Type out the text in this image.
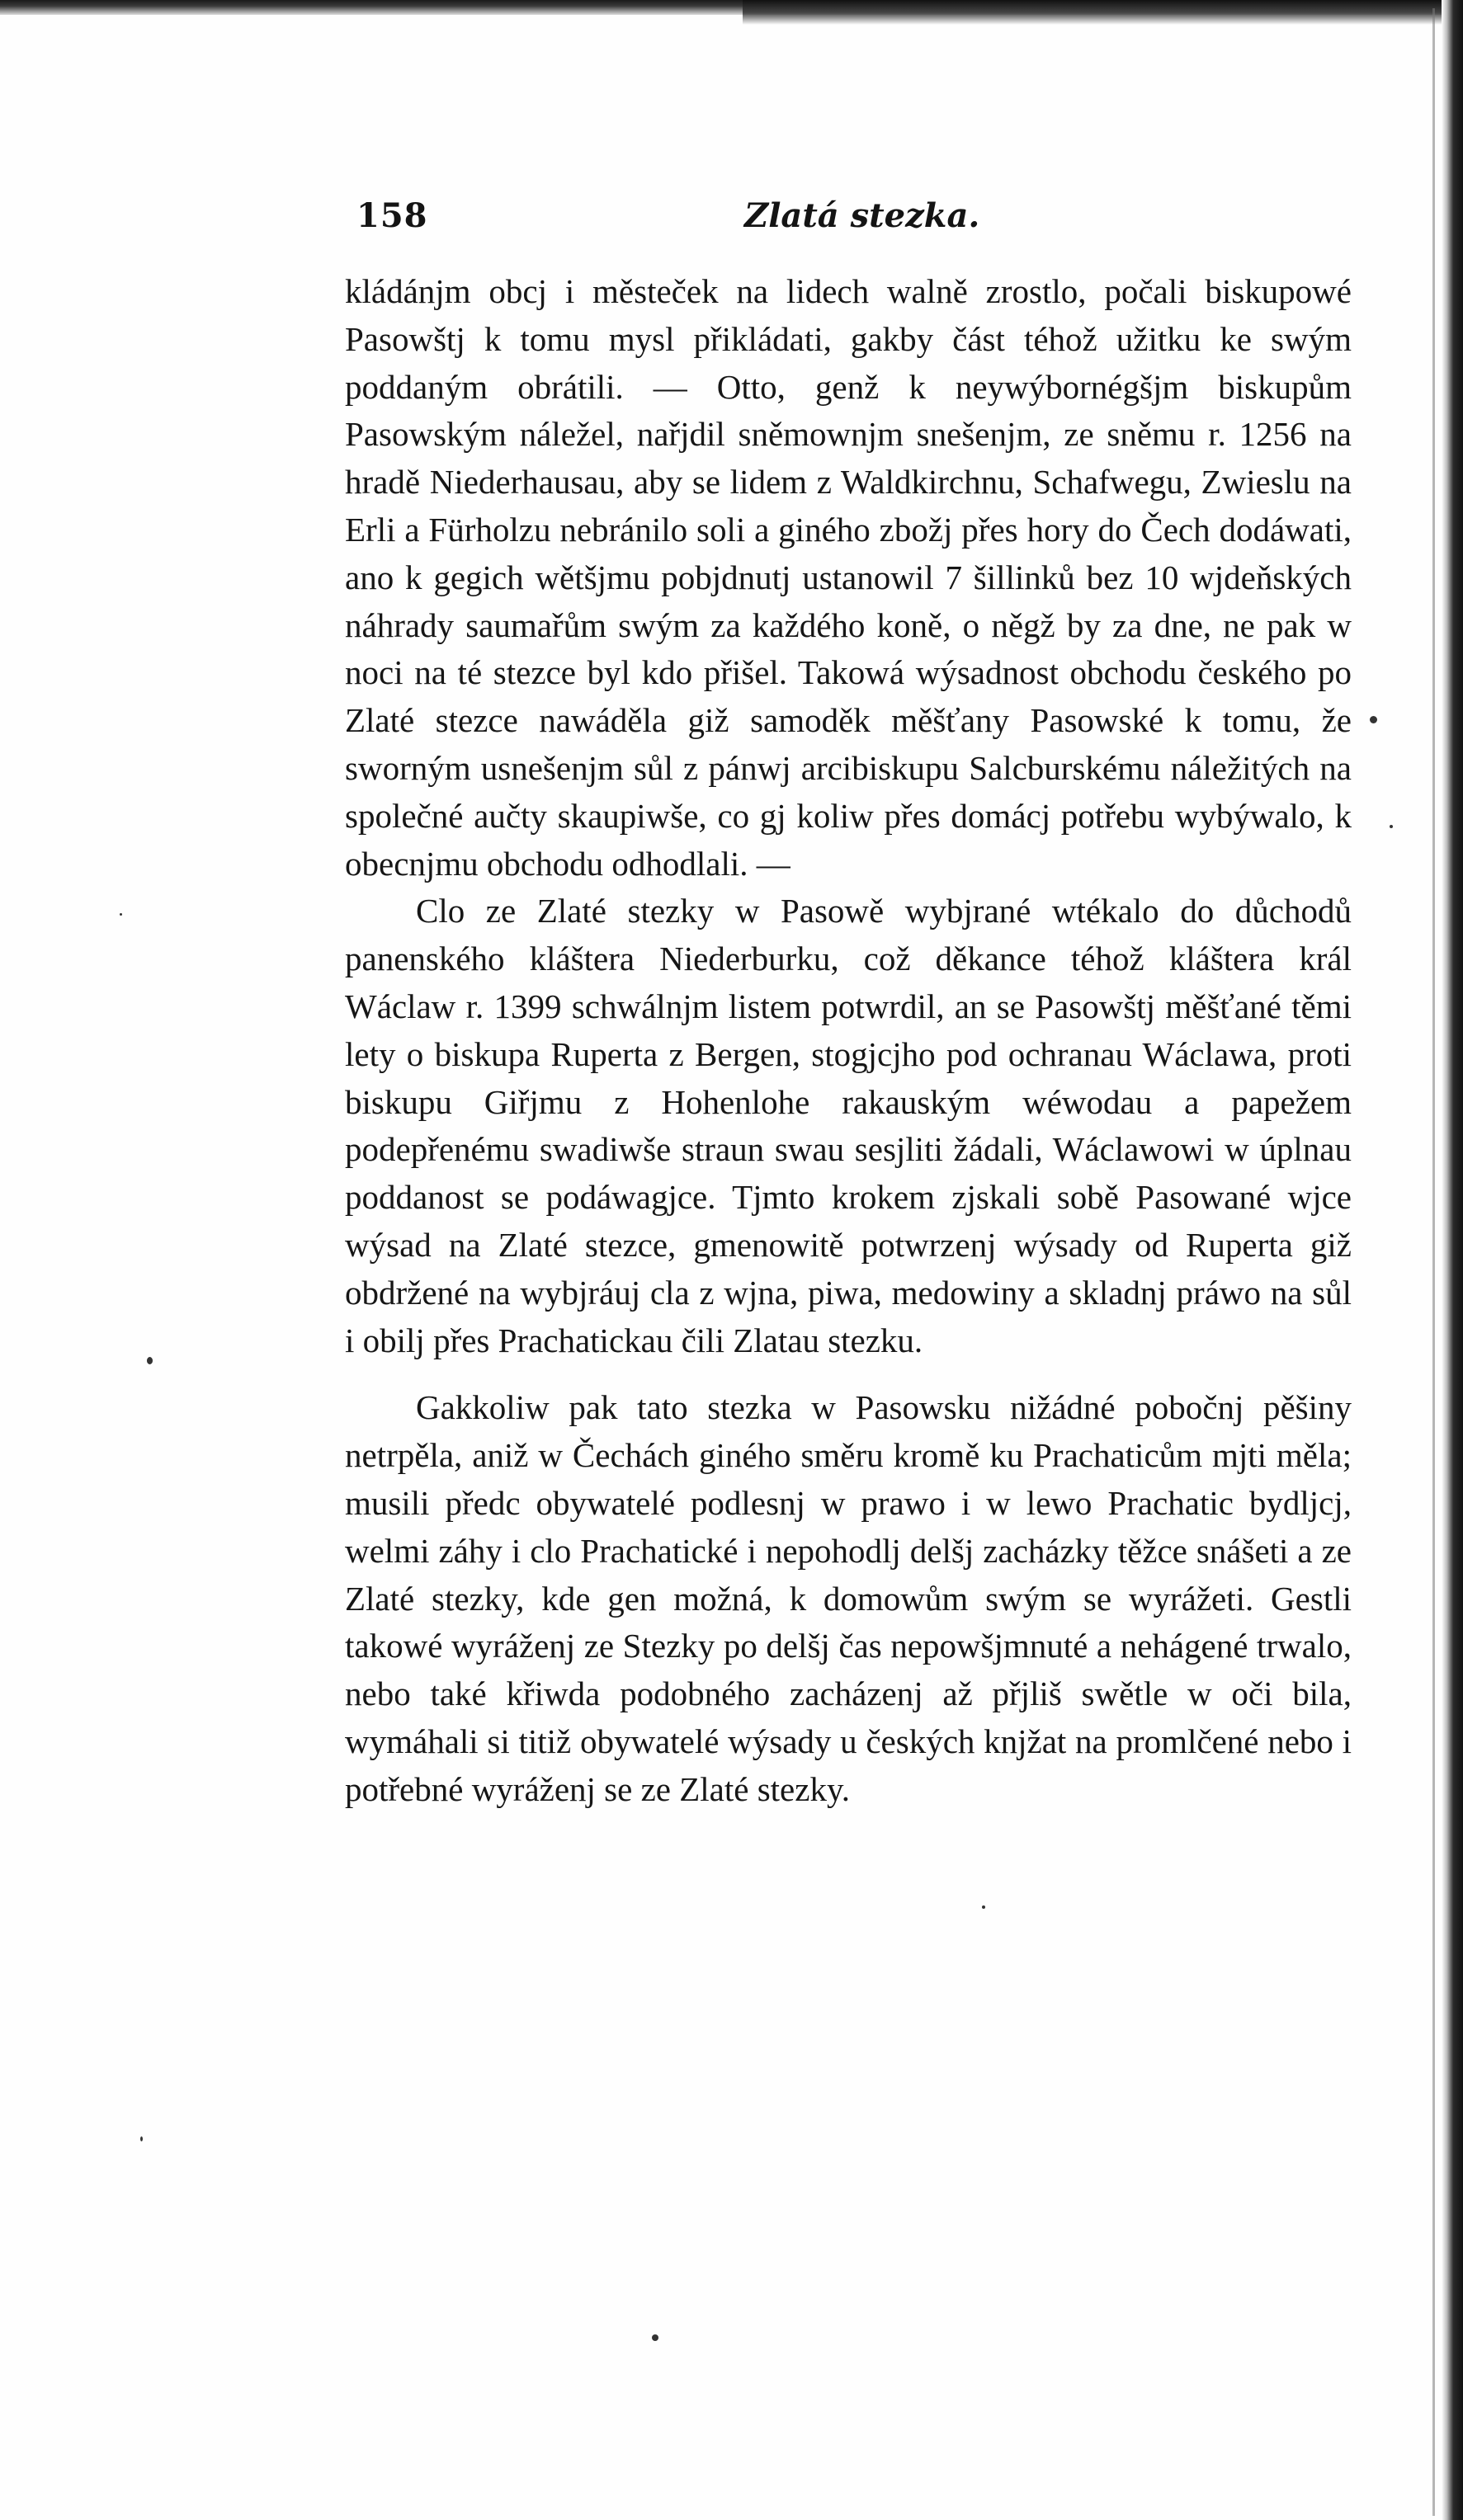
158	Zlatá stezka.

kládánjm obcj i městeček na lidech walně zrostlo, počali biskupowé Pasowštj k tomu mysl přikládati, gakby část téhož užitku ke swým poddaným obrátili. — Otto, genž k neywýbornégšjm biskupům Pasowským náležel, nařjdil sněmownjm snešenjm, ze sněmu r. 1256 na hradě Niederhausau, aby se lidem z Waldkirchnu, Schafwegu, Zwieslu na Erli a Fürholzu nebránilo soli a giného zbožj přes hory do Čech dodáwati, ano k gegich wětšjmu pobjdnutj ustanowil 7 šillinků bez 10 wjdeňských náhrady saumařům swým za každého koně, o něgž by za dne, ne pak w noci na té stezce byl kdo přišel. Takowá wýsadnost obchodu českého po Zlaté stezce nawáděla giž samoděk měšťany Pasowské k tomu, že sworným usnešenjm sůl z pánwj arcibiskupu Salcburskému náležitých na společné aučty skaupiwše, co gj koliw přes domácj potřebu wybýwalo, k obecnjmu obchodu odhodlali. —

Clo ze Zlaté stezky w Pasowě wybjrané wtékalo do důchodů panenského kláštera Niederburku, což děkance téhož kláštera král Wáclaw r. 1399 schwálnjm listem potwrdil, an se Pasowštj měšťané těmi lety o biskupa Ruperta z Bergen, stogjcjho pod ochranau Wáclawa, proti biskupu Giřjmu z Hohenlohe rakauským wéwodau a papežem podepřenému swadiwše straun swau sesjliti žádali, Wáclawowi w úplnau poddanost se podáwagjce. Tjmto krokem zjskali sobě Pasowané wjce wýsad na Zlaté stezce, gmenowitě potwrzenj wýsady od Ruperta giž obdržené na wybjráuj cla z wjna, piwa, medowiny a skladnj práwo na sůl i obilj přes Prachatickau čili Zlatau stezku.

Gakkoliw pak tato stezka w Pasowsku nižádné pobočnj pěšiny netrpěla, aniž w Čechách giného směru kromě ku Prachaticům mjti měla; musili předc obywatelé podlesnj w prawo i w lewo Prachatic bydljcj, welmi záhy i clo Prachatické i nepohodlj delšj zacházky těžce snášeti a ze Zlaté stezky, kde gen možná, k domowům swým se wyrážeti. Gestli takowé wyráženj ze Stezky po delšj čas nepowšjmnuté a nehágené trwalo, nebo také křiwda podobného zacházenj až přjliš swětle w oči bila, wymáhali si titiž obywatelé wýsady u českých knjžat na promlčené nebo i potřebné wyráženj se ze Zlaté stezky.
